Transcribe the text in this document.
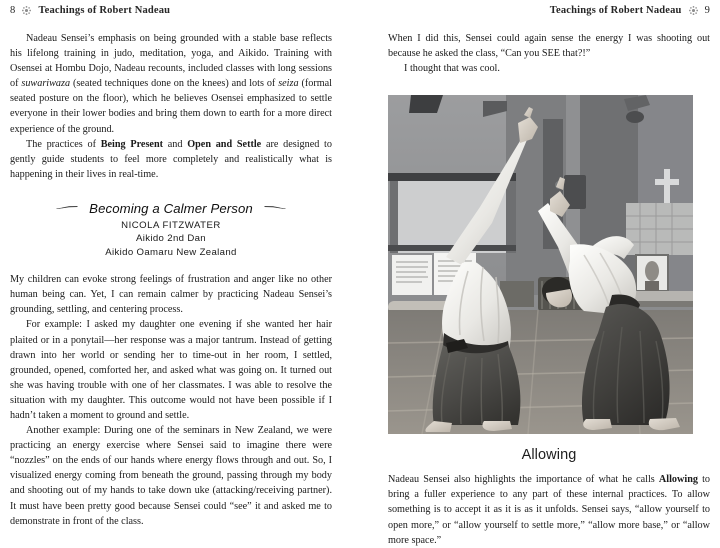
8 Teachings of Robert Nadeau

Nadeau Sensei’s emphasis on being grounded with a stable base reflects his lifelong training in judo, meditation, yoga, and Aikido. Training with Osensei at Hombu Dojo, Nadeau recounts, included classes with long sessions of suwariwaza (seated techniques done on the knees) and lots of seiza (formal seated posture on the floor), which he believes Osensei emphasized to settle everyone in their lower bodies and bring them down to earth for a more direct experience of the ground.

The practices of Being Present and Open and Settle are designed to gently guide students to feel more completely and realistically what is happening in their lives in real-time.

Becoming a Calmer Person
NICOLA FITZWATER
Aikido 2nd Dan
Aikido Oamaru New Zealand

My children can evoke strong feelings of frustration and anger like no other human being can. Yet, I can remain calmer by practicing Nadeau Sensei’s grounding, settling, and centering process.

For example: I asked my daughter one evening if she wanted her hair plaited or in a ponytail—her response was a major tantrum. Instead of getting drawn into her world or sending her to time-out in her room, I settled, grounded, opened, comforted her, and asked what was going on. It turned out she was having trouble with one of her classmates. I was able to resolve the situation with my daughter. This outcome would not have been possible if I hadn’t taken a moment to ground and settle.

Another example: During one of the seminars in New Zealand, we were practicing an energy exercise where Sensei said to imagine there were “nozzles” on the ends of our hands where energy flows through and out. So, I visualized energy coming from beneath the ground, passing through my body and shooting out of my hands to take down uke (attacking/receiving partner). It must have been pretty good because Sensei could “see” it and asked me to demonstrate in front of the class.

Teachings of Robert Nadeau 9

When I did this, Sensei could again sense the energy I was shooting out because he asked the class, “Can you SEE that?!”

I thought that was cool.

Allowing

Nadeau Sensei also highlights the importance of what he calls Allowing to bring a fuller experience to any part of these internal practices. To allow something is to accept it as it is as it unfolds. Sensei says, “allow yourself to open more,” or “allow yourself to settle more,” “allow more base,” or “allow more space.”
